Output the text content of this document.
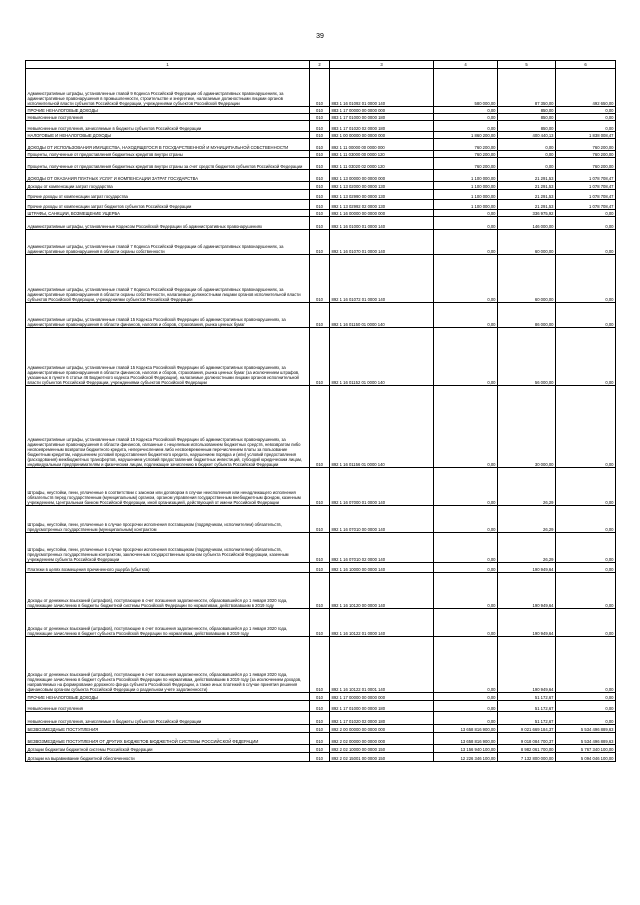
39
1	2	3	4	5	6
Административные штрафы, установленные главой 9 Кодекса Российской Федерации об административных правонарушениях, за административные правонарушения в промышленности, строительстве и энергетике, налагаемые должностными лицами органов исполнительной власти субъектов Российской Федерации, учреждениями субъектов Российской Федерации	010	883 1 16 01092 01 0000 140	580 000,00	87 350,00	492 650,00
ПРОЧИЕ НЕНАЛОГОВЫЕ ДОХОДЫ	010	883 1 17 00000 00 0000 000	0,00	850,00	0,00
Невыясненные поступления	010	883 1 17 01000 00 0000 180	0,00	850,00	0,00
Невыясненные поступления, зачисляемые в бюджеты субъектов Российской Федерации	010	883 1 17 01020 02 0000 180	0,00	850,00	0,00
НАЛОГОВЫЕ И НЕНАЛОГОВЫЕ ДОХОДЫ	010	892 1 00 00000 00 0000 000	1 860 200,00	400 440,13	1 838 008,47
ДОХОДЫ ОТ ИСПОЛЬЗОВАНИЯ ИМУЩЕСТВА, НАХОДЯЩЕГОСЯ В ГОСУДАРСТВЕННОЙ И МУНИЦИПАЛЬНОЙ СОБСТВЕННОСТИ	010	892 1 11 00000 00 0000 000	760 200,00	0,00	760 200,00
Проценты, полученные от предоставления бюджетных кредитов внутри страны	010	892 1 11 03000 00 0000 120	760 200,00	0,00	760 200,00
Проценты, полученные от предоставления бюджетных кредитов внутри страны за счет средств бюджетов субъектов Российской Федерации	010	892 1 11 03020 02 0000 120	760 200,00	0,00	760 200,00
ДОХОДЫ ОТ ОКАЗАНИЯ ПЛАТНЫХ УСЛУГ И КОМПЕНСАЦИИ ЗАТРАТ ГОСУДАРСТВА	010	892 1 13 00000 00 0000 000	1 100 000,00	21 291,53	1 078 708,47
Доходы от компенсации затрат государства	010	892 1 13 02000 00 0000 130	1 100 000,00	21 291,53	1 078 708,47
Прочие доходы от компенсации затрат государства	010	892 1 13 02990 00 0000 130	1 100 000,00	21 291,53	1 078 708,47
Прочие доходы от компенсации затрат бюджетов субъектов Российской Федерации	010	892 1 13 02992 02 0000 130	1 100 000,00	21 291,53	1 078 708,47
ШТРАФЫ, САНКЦИИ, ВОЗМЕЩЕНИЕ УЩЕРБА	010	892 1 16 00000 00 0000 000	0,00	336 975,92	0,00
Административные штрафы, установленные Кодексом Российской Федерации об административных правонарушениях	010	892 1 16 01000 01 0000 140	0,00	146 000,00	0,00
Административные штрафы, установленные главой 7 Кодекса Российской Федерации об административных правонарушениях, за административные правонарушения в области охраны собственности	010	892 1 16 01070 01 0000 140	0,00	60 000,00	0,00
Административные штрафы, установленные главой 7 Кодекса Российской Федерации об административных правонарушениях, за административные правонарушения в области охраны собственности, налагаемые должностными лицами органов исполнительной власти субъектов Российской Федерации, учреждениями субъектов Российской Федерации	010	892 1 16 01072 01 0000 140	0,00	60 000,00	0,00
Административные штрафы, установленные главой 15 Кодекса Российской Федерации об административных правонарушениях, за административные правонарушения в области финансов, налогов и сборов, страхования, рынка ценных бумаг	010	892 1 16 01150 01 0000 140	0,00	86 000,00	0,00
Административные штрафы, установленные главой 15 Кодекса Российской Федерации об административных правонарушениях, за административные правонарушения в области финансов, налогов и сборов, страхования, рынка ценных бумаг (за исключением штрафов, указанных в пункте 6 статьи 46 Бюджетного кодекса Российской Федерации), налагаемые должностными лицами органов исполнительной власти субъектов Российской Федерации, учреждениями субъектов Российской Федерации	010	892 1 16 01152 01 0000 140	0,00	56 000,00	0,00
Административные штрафы, установленные главой 15 Кодекса Российской Федерации об административных правонарушениях, за административные правонарушения в области финансов, связанные с нецелевым использованием бюджетных средств, невозвратом либо несвоевременным возвратом бюджетного кредита, неперечислением либо несвоевременным перечислением платы за пользование бюджетным кредитом, нарушением условий предоставления бюджетного кредита, нарушением порядка и (или) условий предоставления (расходования) межбюджетных трансфертов, нарушением условий предоставления бюджетных инвестиций, субсидий юридическим лицам, индивидуальным предпринимателям и физическим лицам, подлежащие зачислению в бюджет субъекта Российской Федерации	010	892 1 16 01156 01 0000 140	0,00	30 000,00	0,00
Штрафы, неустойки, пени, уплаченные в соответствии с законом или договором в случае неисполнения или ненадлежащего исполнения обязательств перед государственным (муниципальным) органом, органом управления государственным внебюджетным фондом, казенным учреждением, Центральным банком Российской Федерации, иной организацией, действующей от имени Российской Федерации	010	892 1 16 07000 01 0000 140	0,00	26,29	0,00
Штрафы, неустойки, пени, уплаченные в случае просрочки исполнения поставщиком (подрядчиком, исполнителем) обязательств, предусмотренных государственным (муниципальным) контрактом	010	892 1 16 07010 00 0000 140	0,00	26,29	0,00
Штрафы, неустойки, пени, уплаченные в случае просрочки исполнения поставщиком (подрядчиком, исполнителем) обязательств, предусмотренных государственным контрактом, заключенным государственным органом субъекта Российской Федерации, казенным учреждением субъекта Российской Федерации	010	892 1 16 07010 02 0000 140	0,00	26,29	0,00
Платежи в целях возмещения причиненного ущерба (убытков)	010	892 1 16 10000 00 0000 140	0,00	190 949,64	0,00
Доходы от денежных взысканий (штрафов), поступающие в счет погашения задолженности, образовавшейся до 1 января 2020 года, подлежащие зачислению в бюджеты бюджетной системы Российской Федерации по нормативам, действовавшим в 2019 году	010	892 1 16 10120 00 0000 140	0,00	190 949,64	0,00
Доходы от денежных взысканий (штрафов), поступающие в счет погашения задолженности, образовавшейся до 1 января 2020 года, подлежащие зачислению в бюджет субъекта Российской Федерации по нормативам, действовавшим в 2019 году	010	892 1 16 10122 01 0000 140	0,00	190 949,64	0,00
Доходы от денежных взысканий (штрафов), поступающие в счет погашения задолженности, образовавшейся до 1 января 2020 года, подлежащие зачислению в бюджет субъекта Российской Федерации по нормативам, действовавшим в 2019 году (за исключением доходов, направляемых на формирование дорожного фонда субъекта Российской Федерации, а также иных платежей в случае принятия решения финансовым органом субъекта Российской Федерации о раздельном учете задолженности)	010	892 1 16 10122 01 0001 140	0,00	190 949,64	0,00
ПРОЧИЕ НЕНАЛОГОВЫЕ ДОХОДЫ	010	892 1 17 00000 00 0000 000	0,00	51 172,67	0,00
Невыясненные поступления	010	892 1 17 01000 00 0000 180	0,00	51 172,67	0,00
Невыясненные поступления, зачисляемые в бюджеты субъектов Российской Федерации	010	892 1 17 01020 02 0000 180	0,00	51 172,67	0,00
БЕЗВОЗМЕЗДНЫЕ ПОСТУПЛЕНИЯ	010	892 2 00 00000 00 0000 000	13 658 816 900,00	9 021 669 184,37	5 534 496 889,63
БЕЗВОЗМЕЗДНЫЕ ПОСТУПЛЕНИЯ ОТ ДРУГИХ БЮДЖЕТОВ БЮДЖЕТНОЙ СИСТЕМЫ РОССИЙСКОЙ ФЕДЕРАЦИИ	010	892 2 02 00000 00 0000 000	13 658 816 900,00	9 018 084 700,37	5 534 496 889,63
Дотации бюджетам бюджетной системы Российской Федерации	010	892 2 02 10000 00 0000 150	13 156 940 100,00	8 982 061 700,00	5 767 340 100,00
Дотации на выравнивание бюджетной обеспеченности	010	892 2 02 15001 00 0000 150	12 226 346 100,00	7 132 800 000,00	5 094 046 100,00
